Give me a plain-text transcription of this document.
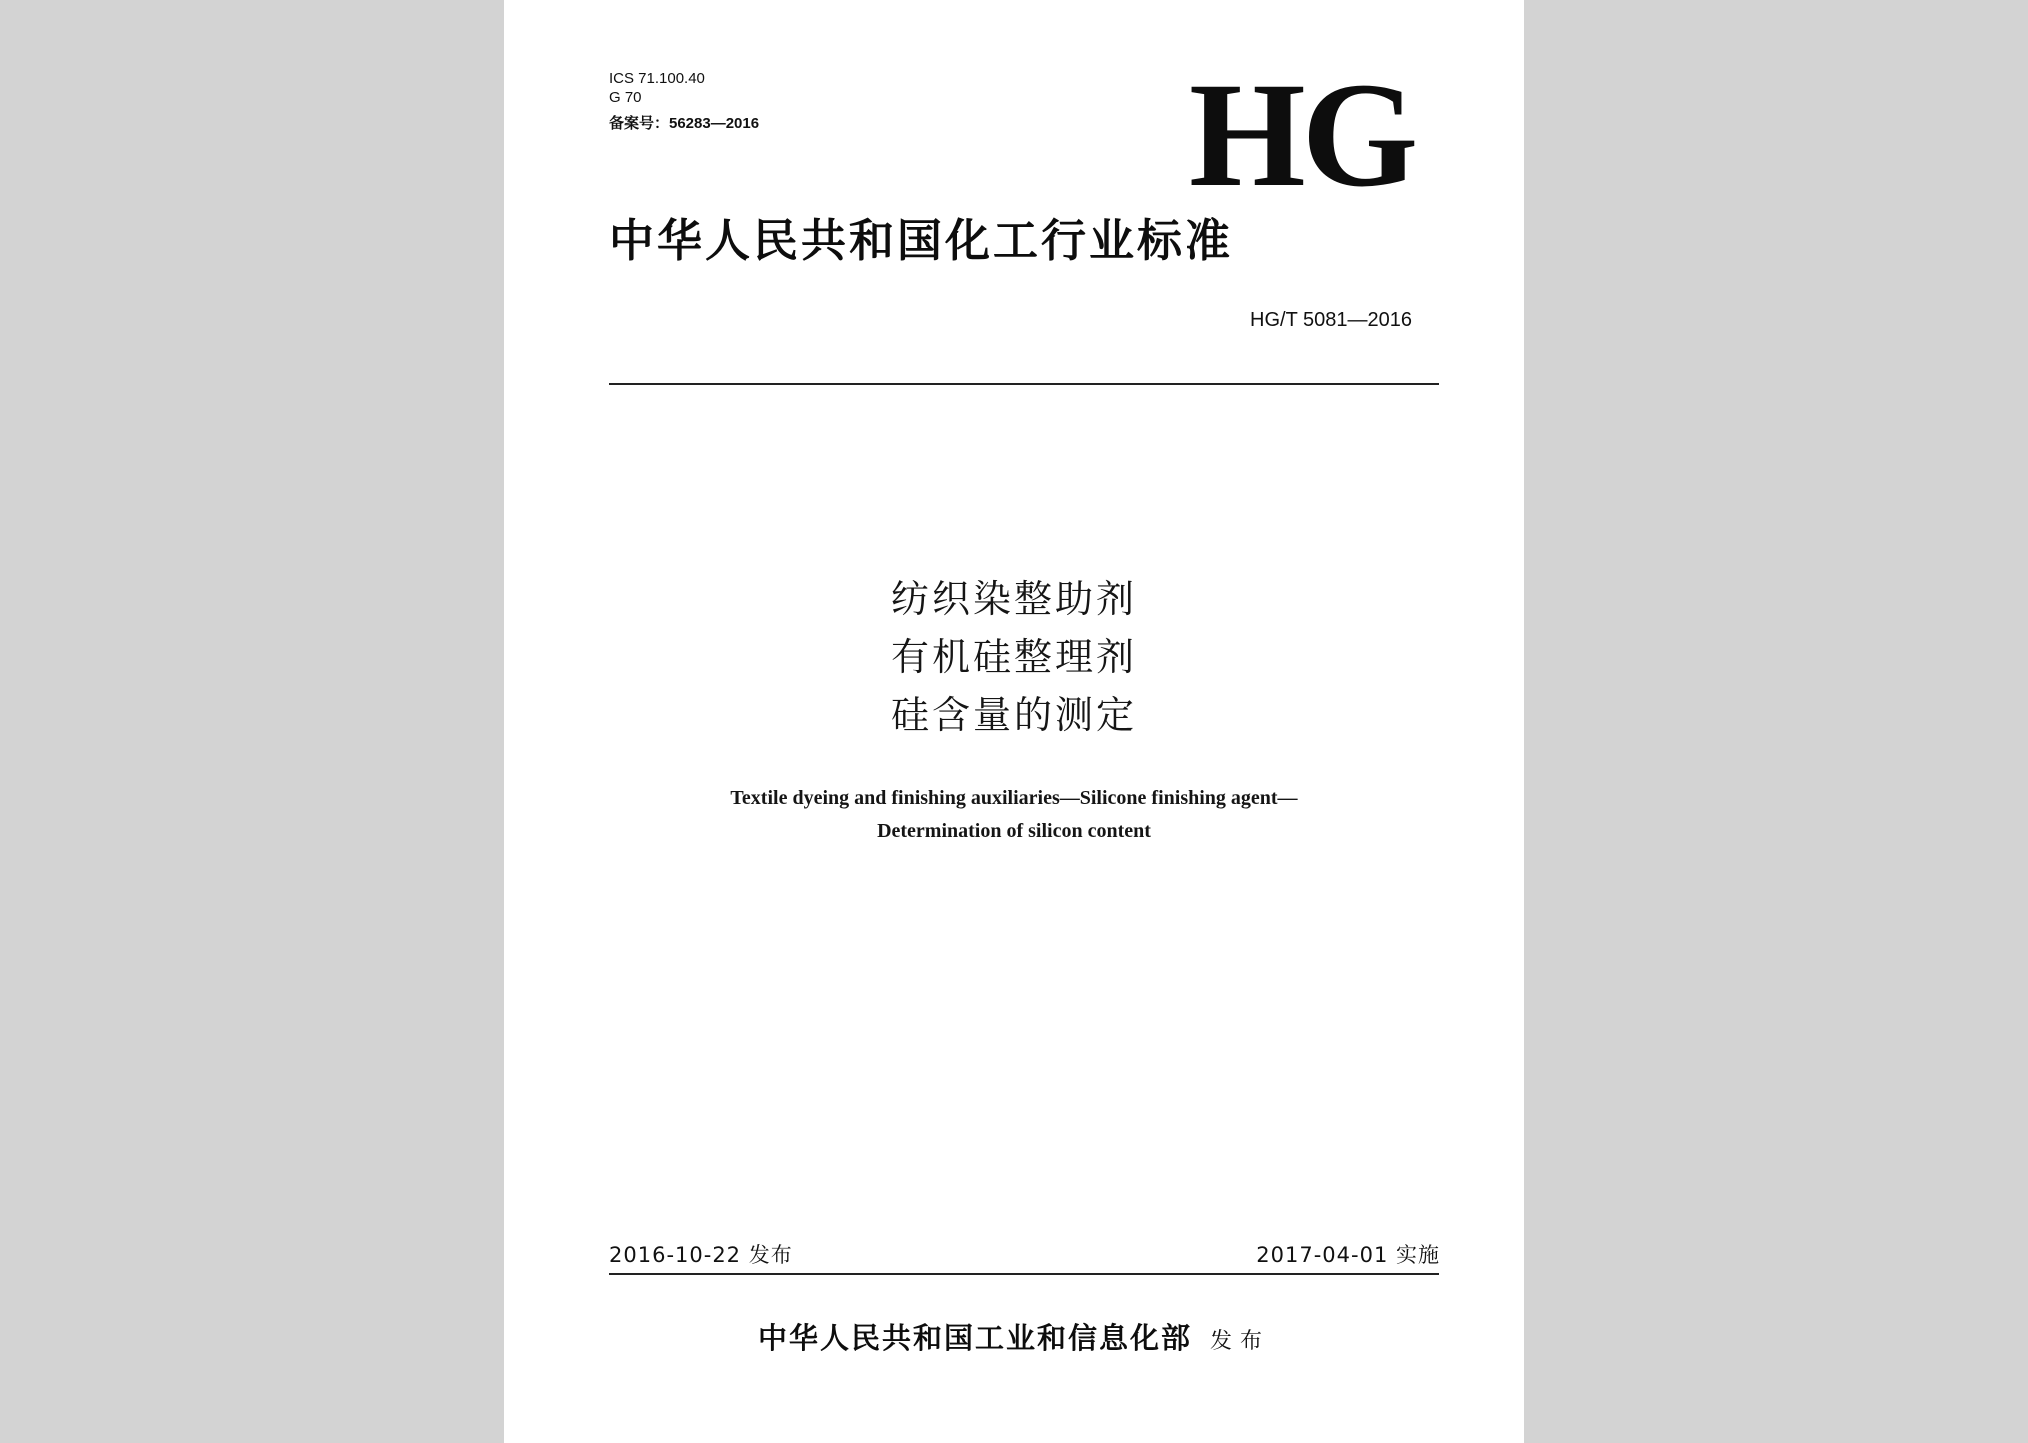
ICS 71.100.40
G 70
备案号：56283—2016	HG
中华人民共和国化工行业标准
HG/T 5081—2016
纺织染整助剂
有机硅整理剂
硅含量的测定
Textile dyeing and finishing auxiliaries—Silicone finishing agent—
Determination of silicon content
2016-10-22 发布	2017-04-01 实施
中华人民共和国工业和信息化部 发布
